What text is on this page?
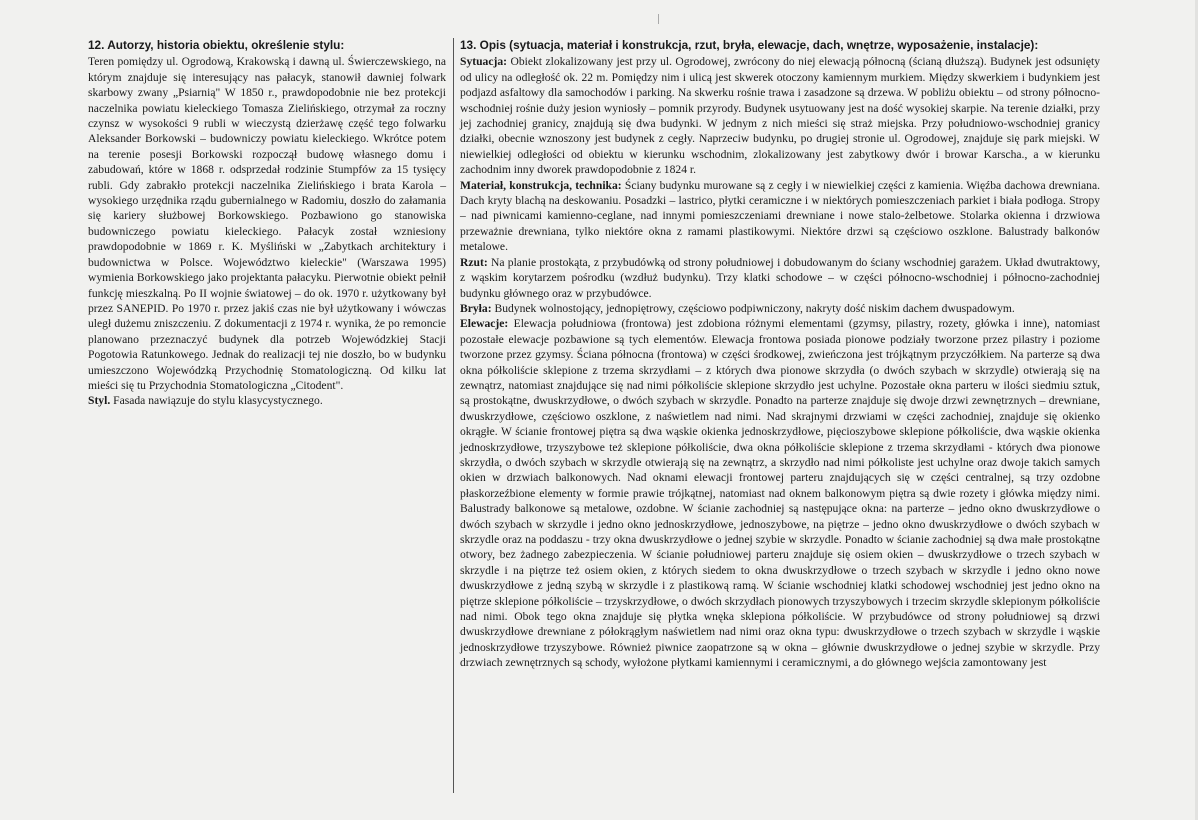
12. Autorzy, historia obiektu, określenie stylu:

Teren pomiędzy ul. Ogrodową, Krakowską i dawną ul. Świerczewskiego, na którym znajduje się interesujący nas pałacyk, stanowił dawniej folwark skarbowy zwany „Psiarnią" W 1850 r., prawdopodobnie nie bez protekcji naczelnika powiatu kieleckiego Tomasza Zielińskiego, otrzymał za roczny czynsz w wysokości 9 rubli w wieczystą dzierżawę część tego folwarku Aleksander Borkowski – budowniczy powiatu kieleckiego. Wkrótce potem na terenie posesji Borkowski rozpoczął budowę własnego domu i zabudowań, które w 1868 r. odsprzedał rodzinie Stumpfów za 15 tysięcy rubli. Gdy zabrakło protekcji naczelnika Zielińskiego i brata Karola – wysokiego urzędnika rządu gubernialnego w Radomiu, doszło do załamania się kariery służbowej Borkowskiego. Pozbawiono go stanowiska budowniczego powiatu kieleckiego. Pałacyk został wzniesiony prawdopodobnie w 1869 r. K. Myśliński w „Zabytkach architektury i budownictwa w Polsce. Województwo kieleckie" (Warszawa 1995) wymienia Borkowskiego jako projektanta pałacyku. Pierwotnie obiekt pełnił funkcję mieszkalną. Po II wojnie światowej – do ok. 1970 r. użytkowany był przez SANEPID. Po 1970 r. przez jakiś czas nie był użytkowany i wówczas uległ dużemu zniszczeniu. Z dokumentacji z 1974 r. wynika, że po remoncie planowano przeznaczyć budynek dla potrzeb Wojewódzkiej Stacji Pogotowia Ratunkowego. Jednak do realizacji tej nie doszło, bo w budynku umieszczono Wojewódzką Przychodnię Stomatologiczną. Od kilku lat mieści się tu Przychodnia Stomatologiczna „Citodent".

Styl. Fasada nawiązuje do stylu klasycystycznego.

13. Opis (sytuacja, materiał i konstrukcja, rzut, bryła, elewacje, dach, wnętrze, wyposażenie, instalacje):

Sytuacja: Obiekt zlokalizowany jest przy ul. Ogrodowej, zwrócony do niej elewacją północną (ścianą dłuższą). Budynek jest odsunięty od ulicy na odległość ok. 22 m. Pomiędzy nim i ulicą jest skwerek otoczony kamiennym murkiem. Między skwerkiem i budynkiem jest podjazd asfaltowy dla samochodów i parking. Na skwerku rośnie trawa i zasadzone są drzewa. W pobliżu obiektu – od strony północno-wschodniej rośnie duży jesion wyniosły – pomnik przyrody. Budynek usytuowany jest na dość wysokiej skarpie. Na terenie działki, przy jej zachodniej granicy, znajdują się dwa budynki. W jednym z nich mieści się straż miejska. Przy południowo-wschodniej granicy działki, obecnie wznoszony jest budynek z cegły. Naprzeciw budynku, po drugiej stronie ul. Ogrodowej, znajduje się park miejski. W niewielkiej odległości od obiektu w kierunku wschodnim, zlokalizowany jest zabytkowy dwór i browar Karscha., a w kierunku zachodnim inny dworek prawdopodobnie z 1824 r.

Materiał, konstrukcja, technika: Ściany budynku murowane są z cegły i w niewielkiej części z kamienia. Więźba dachowa drewniana. Dach kryty blachą na deskowaniu. Posadzki – lastrico, płytki ceramiczne i w niektórych pomieszczeniach parkiet i biała podłoga. Stropy – nad piwnicami kamienno-ceglane, nad innymi pomieszczeniami drewniane i nowe stalo-żelbetowe. Stolarka okienna i drzwiowa przeważnie drewniana, tylko niektóre okna z ramami plastikowymi. Niektóre drzwi są częściowo oszklone. Balustrady balkonów metalowe.

Rzut: Na planie prostokąta, z przybudówką od strony południowej i dobudowanym do ściany wschodniej garażem. Układ dwutraktowy, z wąskim korytarzem pośrodku (wzdłuż budynku). Trzy klatki schodowe – w części północno-wschodniej i północno-zachodniej budynku głównego oraz w przybudówce.

Bryła: Budynek wolnostojący, jednopiętrowy, częściowo podpiwniczony, nakryty dość niskim dachem dwuspadowym.

Elewacje: Elewacja południowa (frontowa) jest zdobiona różnymi elementami (gzymsy, pilastry, rozety, główka i inne), natomiast pozostałe elewacje pozbawione są tych elementów. Elewacja frontowa posiada pionowe podziały tworzone przez pilastry i poziome tworzone przez gzymsy. Ściana północna (frontowa) w części środkowej, zwieńczona jest trójkątnym przyczółkiem. Na parterze są dwa okna półkoliście sklepione z trzema skrzydłami – z których dwa pionowe skrzydła (o dwóch szybach w skrzydle) otwierają się na zewnątrz, natomiast znajdujące się nad nimi półkoliście sklepione skrzydło jest uchylne. Pozostałe okna parteru w ilości siedmiu sztuk, są prostokątne, dwuskrzydłowe, o dwóch szybach w skrzydle. Ponadto na parterze znajduje się dwoje drzwi zewnętrznych – drewniane, dwuskrzydłowe, częściowo oszklone, z naświetlem nad nimi. Nad skrajnymi drzwiami w części zachodniej, znajduje się okienko okrągłe. W ścianie frontowej piętra są dwa wąskie okienka jednoskrzydłowe, pięcioszybowe sklepione półkoliście, dwa wąskie okienka jednoskrzydłowe, trzyszybowe też sklepione półkoliście, dwa okna półkoliście sklepione z trzema skrzydłami - których dwa pionowe skrzydła, o dwóch szybach w skrzydle otwierają się na zewnątrz, a skrzydło nad nimi półkoliste jest uchylne oraz dwoje takich samych okien w drzwiach balkonowych. Nad oknami elewacji frontowej parteru znajdujących się w części centralnej, są trzy ozdobne płaskorzeźbione elementy w formie prawie trójkątnej, natomiast nad oknem balkonowym piętra są dwie rozety i główka między nimi. Balustrady balkonowe są metalowe, ozdobne. W ścianie zachodniej są następujące okna: na parterze – jedno okno dwuskrzydłowe o dwóch szybach w skrzydle i jedno okno jednoskrzydłowe, jednoszybowe, na piętrze – jedno okno dwuskrzydłowe o dwóch szybach w skrzydle oraz na poddaszu - trzy okna dwuskrzydłowe o jednej szybie w skrzydle. Ponadto w ścianie zachodniej są dwa małe prostokątne otwory, bez żadnego zabezpieczenia. W ścianie południowej parteru znajduje się osiem okien – dwuskrzydłowe o trzech szybach w skrzydle i na piętrze też osiem okien, z których siedem to okna dwuskrzydłowe o trzech szybach w skrzydle i jedno okno nowe dwuskrzydłowe z jedną szybą w skrzydle i z plastikową ramą. W ścianie wschodniej klatki schodowej wschodniej jest jedno okno na piętrze sklepione półkoliście – trzyskrzydłowe, o dwóch skrzydłach pionowych trzyszybowych i trzecim skrzydle sklepionym półkoliście nad nimi. Obok tego okna znajduje się płytka wnęka sklepiona półkoliście. W przybudówce od strony południowej są drzwi dwuskrzydłowe drewniane z półokrągłym naświetlem nad nimi oraz okna typu: dwuskrzydłowe o trzech szybach w skrzydle i wąskie jednoskrzydłowe trzyszybowe. Również piwnice zaopatrzone są w okna – głównie dwuskrzydłowe o jednej szybie w skrzydle. Przy drzwiach zewnętrznych są schody, wyłożone płytkami kamiennymi i ceramicznymi, a do głównego wejścia zamontowany jest
